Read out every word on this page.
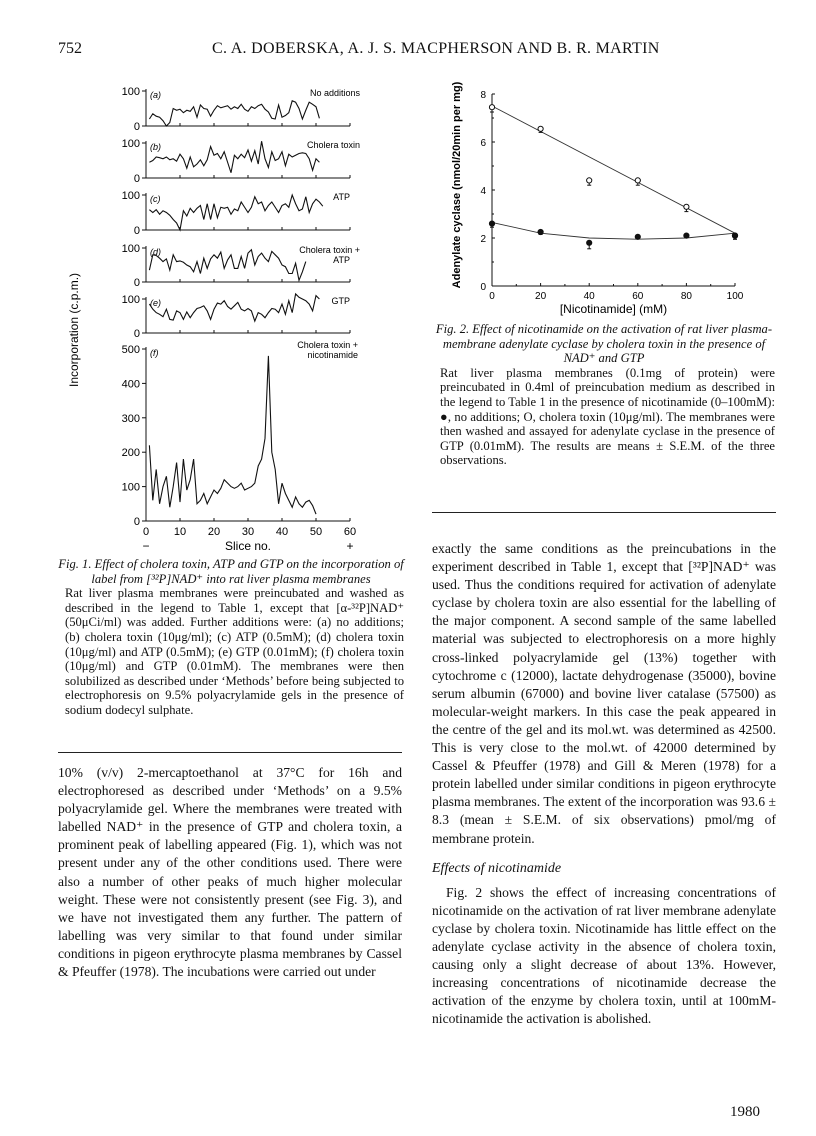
752	C. A. DOBERSKA, A. J. S. MACPHERSON AND B. R. MARTIN
0
100 (a)	No additions
0
100 (b)	Cholera toxin
0
100 (c)	ATP
0
100 (d)	Cholera toxin +
ATP
0
100 (e)	GTP
0
100
200
300
400
500 (f)
Cholera toxin +
nicotinamide
0 10 20 30 40 50 60
Slice no.
−	+
Incorporation (c.p.m.)	0	20	40	60	80	100
0
2
4
6
8
[Nicotinamide] (mM)
Adenylate cyclase (nmol/20min per mg)
Fig. 1. Effect of cholera toxin, ATP and GTP on the incorporation of label from [³²P]NAD⁺ into rat liver plasma membranes
Rat liver plasma membranes were preincubated and washed as described in the legend to Table 1, except that [α-³²P]NAD⁺ (50μCi/ml) was added. Further additions were: (a) no additions; (b) cholera toxin (10μg/ml); (c) ATP (0.5mM); (d) cholera toxin (10μg/ml) and ATP (0.5mM); (e) GTP (0.01mM); (f) cholera toxin (10μg/ml) and GTP (0.01mM). The membranes were then solubilized as described under ‘Methods’ before being subjected to electrophoresis on 9.5% polyacrylamide gels in the presence of sodium dodecyl sulphate.
Fig. 2. Effect of nicotinamide on the activation of rat liver plasma-membrane adenylate cyclase by cholera toxin in the presence of NAD⁺ and GTP
Rat liver plasma membranes (0.1mg of protein) were preincubated in 0.4ml of preincubation medium as described in the legend to Table 1 in the presence of nicotinamide (0–100mM): ●, no additions; O, cholera toxin (10μg/ml). The membranes were then washed and assayed for adenylate cyclase in the presence of GTP (0.01mM). The results are means ± S.E.M. of the three observations.
10% (v/v) 2-mercaptoethanol at 37°C for 16h and electrophoresed as described under ‘Methods’ on a 9.5% polyacrylamide gel. Where the membranes were treated with labelled NAD⁺ in the presence of GTP and cholera toxin, a prominent peak of labelling appeared (Fig. 1), which was not present under any of the other conditions used. There were also a number of other peaks of much higher molecular weight. These were not consistently present (see Fig. 3), and we have not investigated them any further. The pattern of labelling was very similar to that found under similar conditions in pigeon erythrocyte plasma membranes by Cassel & Pfeuffer (1978). The incubations were carried out under

exactly the same conditions as the preincubations in the experiment described in Table 1, except that [³²P]NAD⁺ was used. Thus the conditions required for activation of adenylate cyclase by cholera toxin are also essential for the labelling of the major component. A second sample of the same labelled material was subjected to electrophoresis on a more highly cross-linked polyacrylamide gel (13%) together with cytochrome c (12000), lactate dehydrogenase (35000), bovine serum albumin (67000) and bovine liver catalase (57500) as molecular-weight markers. In this case the peak appeared in the centre of the gel and its mol.wt. was determined as 42500. This is very close to the mol.wt. of 42000 determined by Cassel & Pfeuffer (1978) and Gill & Meren (1978) for a protein labelled under similar conditions in pigeon erythrocyte plasma membranes. The extent of the incorporation was 93.6 ± 8.3 (mean ± S.E.M. of six observations) pmol/mg of membrane protein.

Effects of nicotinamide

Fig. 2 shows the effect of increasing concentrations of nicotinamide on the activation of rat liver membrane adenylate cyclase by cholera toxin. Nicotinamide has little effect on the adenylate cyclase activity in the absence of cholera toxin, causing only a slight decrease of about 13%. However, increasing concentrations of nicotinamide decrease the activation of the enzyme by cholera toxin, until at 100mM-nicotinamide the activation is abolished.

1980
